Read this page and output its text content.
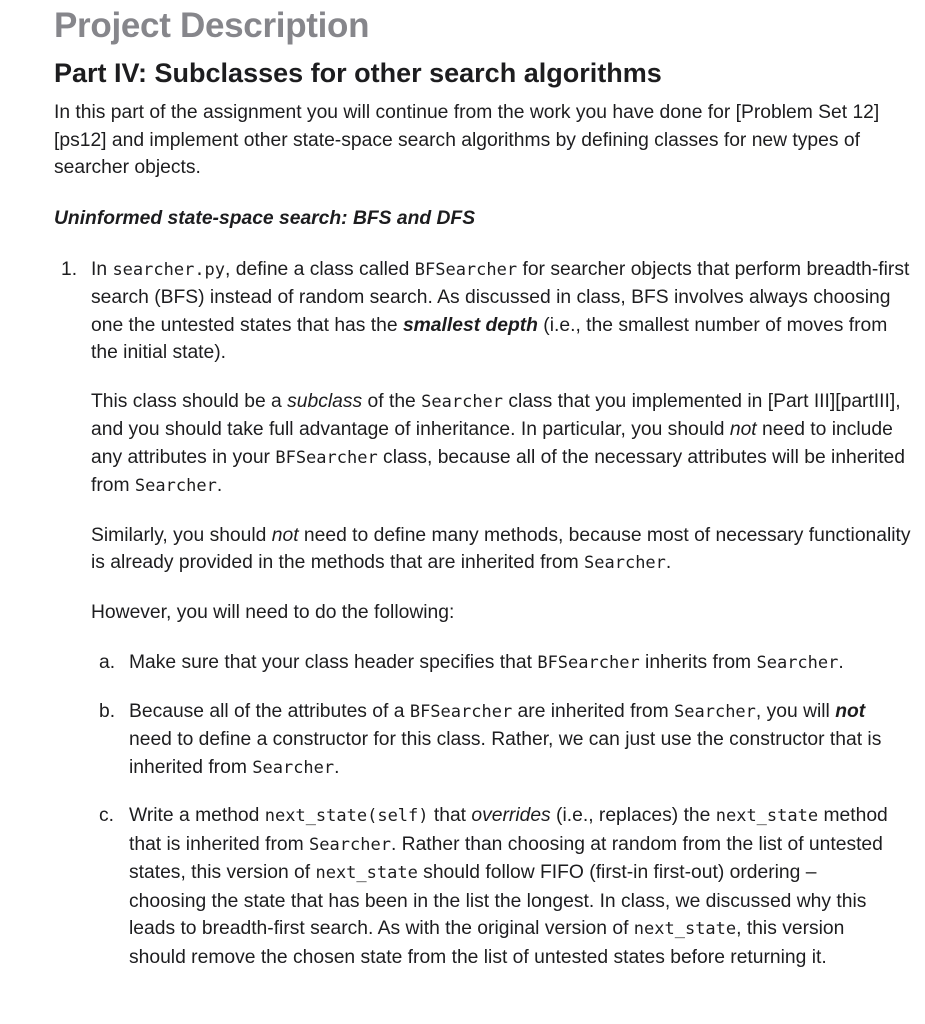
Project Description
Part IV: Subclasses for other search algorithms

In this part of the assignment you will continue from the work you have done for [Problem Set 12][ps12] and implement other state-space search algorithms by defining classes for new types of searcher objects.

Uninformed state-space search: BFS and DFS

1. In searcher.py, define a class called BFSearcher for searcher objects that perform breadth-first search (BFS) instead of random search. As discussed in class, BFS involves always choosing one the untested states that has the smallest depth (i.e., the smallest number of moves from the initial state).

This class should be a subclass of the Searcher class that you implemented in [Part III][partIII], and you should take full advantage of inheritance. In particular, you should not need to include any attributes in your BFSearcher class, because all of the necessary attributes will be inherited from Searcher.

Similarly, you should not need to define many methods, because most of necessary functionality is already provided in the methods that are inherited from Searcher.

However, you will need to do the following:

a. Make sure that your class header specifies that BFSearcher inherits from Searcher.
b. Because all of the attributes of a BFSearcher are inherited from Searcher, you will not need to define a constructor for this class. Rather, we can just use the constructor that is inherited from Searcher.
c. Write a method next_state(self) that overrides (i.e., replaces) the next_state method that is inherited from Searcher. Rather than choosing at random from the list of untested states, this version of next_state should follow FIFO (first-in first-out) ordering – choosing the state that has been in the list the longest. In class, we discussed why this leads to breadth-first search. As with the original version of next_state, this version should remove the chosen state from the list of untested states before returning it.
